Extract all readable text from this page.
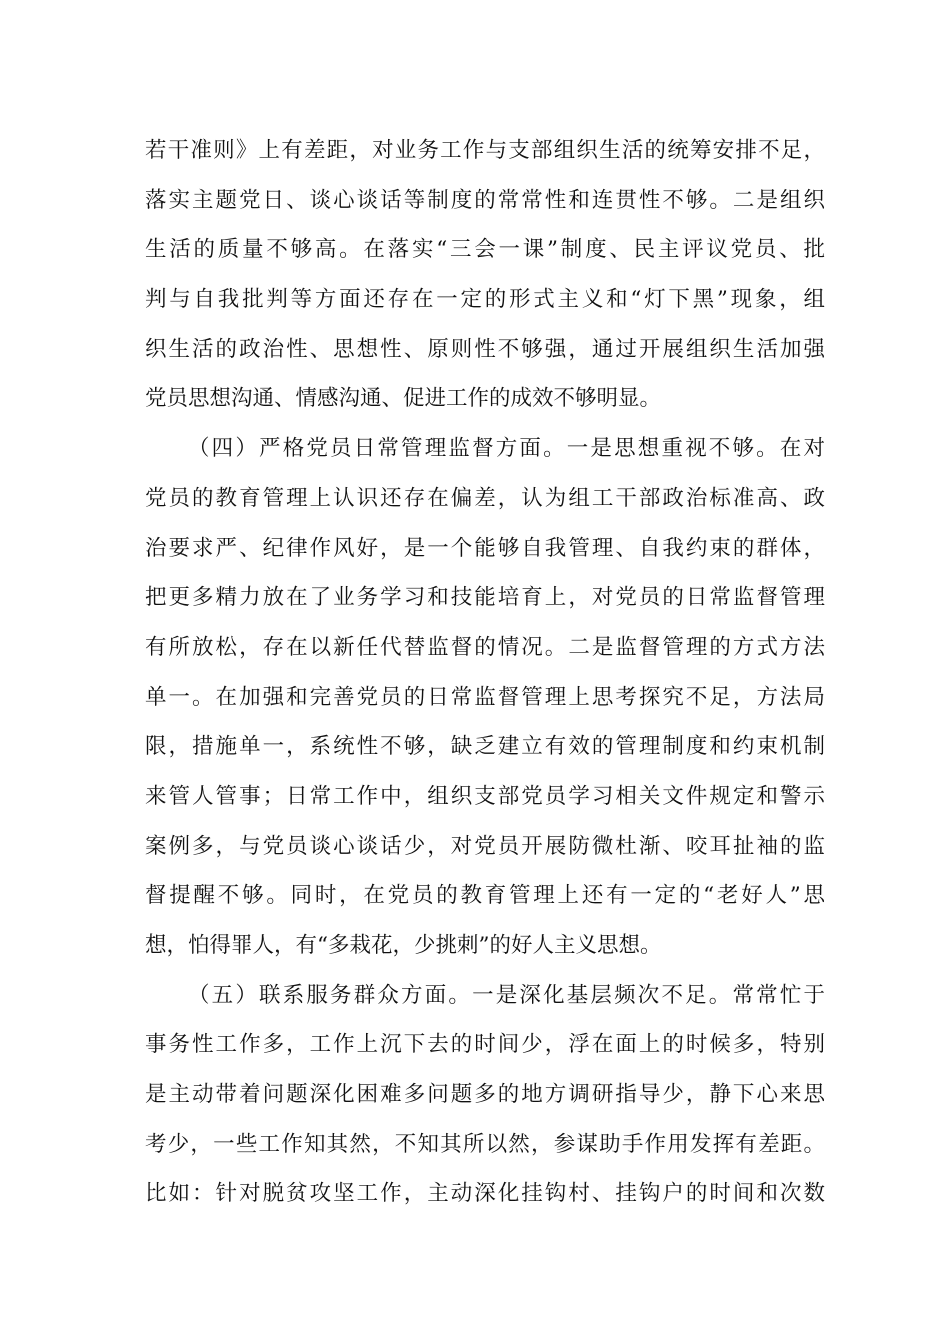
若干准则》上有差距，对业务工作与支部组织生活的统筹安排不足，
落实主题党日、谈心谈话等制度的常常性和连贯性不够。二是组织
生活的质量不够高。在落实“三会一课”制度、民主评议党员、批
判与自我批判等方面还存在一定的形式主义和“灯下黑”现象，组
织生活的政治性、思想性、原则性不够强，通过开展组织生活加强
党员思想沟通、情感沟通、促进工作的成效不够明显。
（四）严格党员日常管理监督方面。一是思想重视不够。在对
党员的教育管理上认识还存在偏差，认为组工干部政治标准高、政
治要求严、纪律作风好，是一个能够自我管理、自我约束的群体，
把更多精力放在了业务学习和技能培育上，对党员的日常监督管理
有所放松，存在以新任代替监督的情况。二是监督管理的方式方法
单一。在加强和完善党员的日常监督管理上思考探究不足，方法局
限，措施单一，系统性不够，缺乏建立有效的管理制度和约束机制
来管人管事；日常工作中，组织支部党员学习相关文件规定和警示
案例多，与党员谈心谈话少，对党员开展防微杜渐、咬耳扯袖的监
督提醒不够。同时，在党员的教育管理上还有一定的“老好人”思
想，怕得罪人，有“多栽花，少挑刺”的好人主义思想。
（五）联系服务群众方面。一是深化基层频次不足。常常忙于
事务性工作多，工作上沉下去的时间少，浮在面上的时候多，特别
是主动带着问题深化困难多问题多的地方调研指导少，静下心来思
考少，一些工作知其然，不知其所以然，参谋助手作用发挥有差距。
比如：针对脱贫攻坚工作，主动深化挂钩村、挂钩户的时间和次数
